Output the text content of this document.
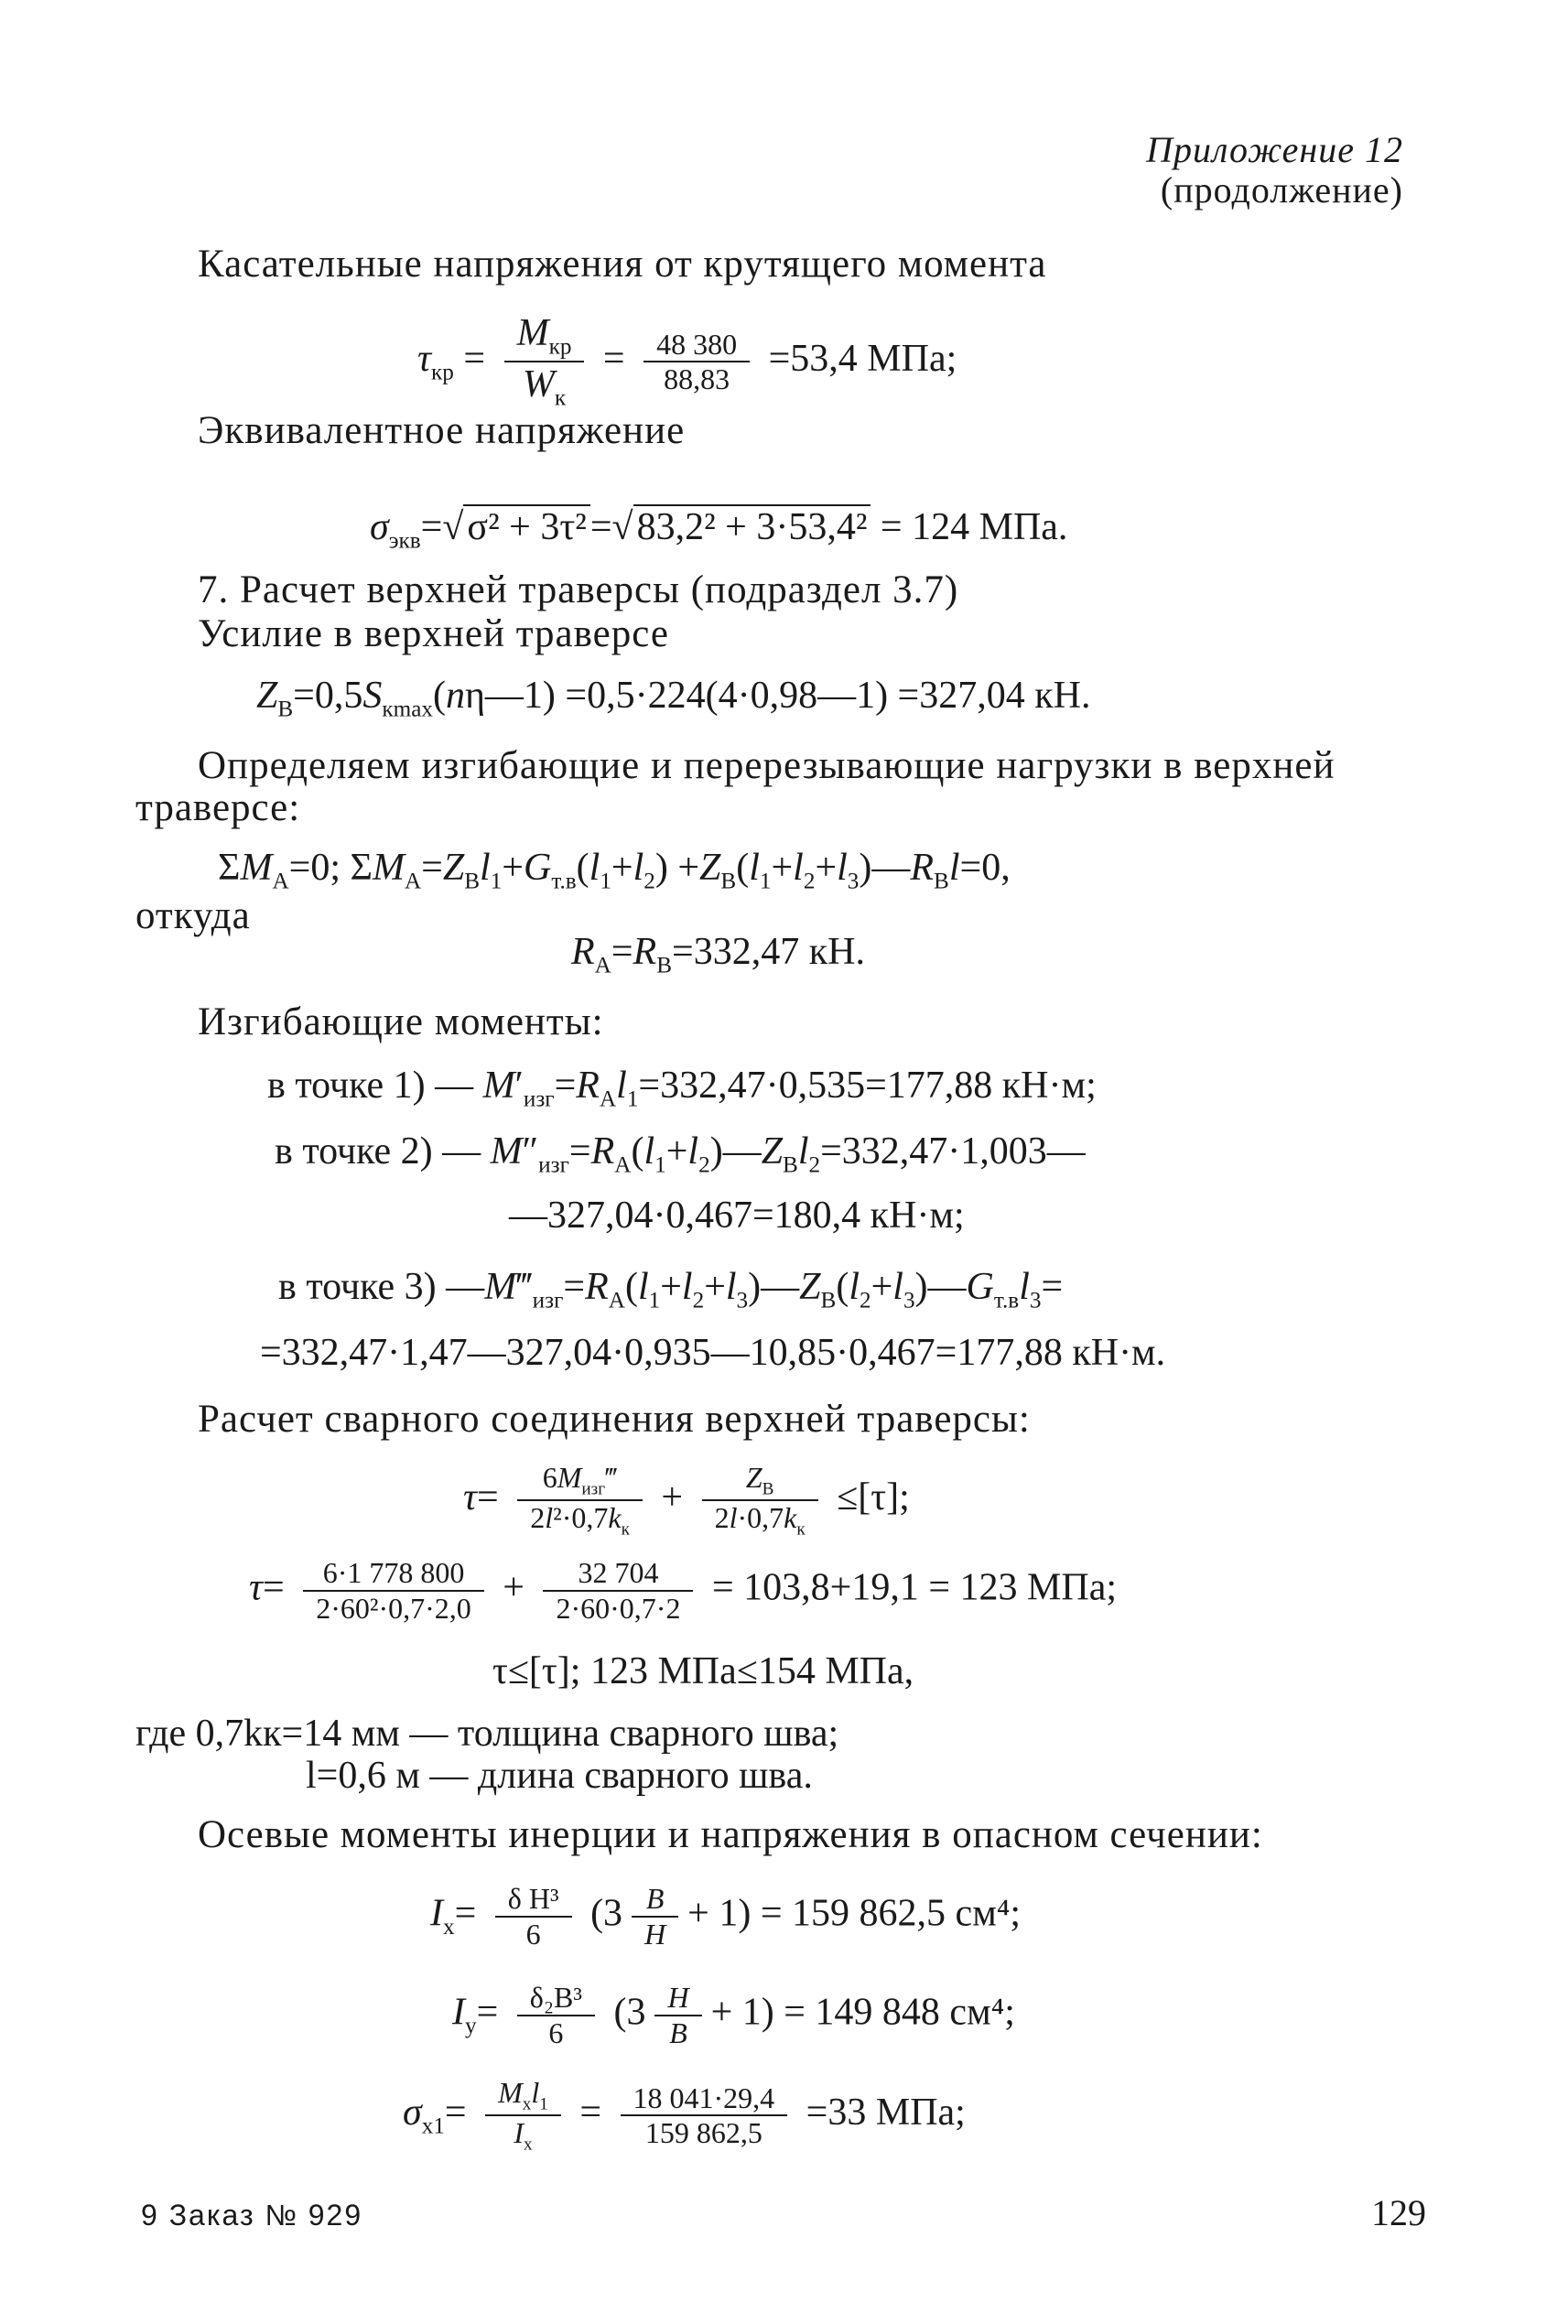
Приложение 12
(продолжение)
Касательные напряжения от крутящего момента
$\tau_{кр} = \frac{M_{кр}}{W_к} = \frac{48 380}{88,83} =53,4$ МПа;
Эквивалентное напряжение
$\sigma_{экв}=√\sigma^2 + 3\tau^2=√83,2^2 + 3\cdot 53,4^2 = 124$ МПа.
7. Расчет верхней траверсы (подраздел 3.7)
Усилие в верхней траверсе
$Z_В=0,5S_{кmax}(n\eta—1)$ =0,5·224(4·0,98—1) =327,04 кН.
Определяем изгибающие и перерезывающие нагрузки в верхней
траверсе:
$\Sigma M_А=0$; $\Sigma M_А=Z_Вl_1+G_{т.в}(l_1+l_2)$ $+Z_В(l_1+l_2+l_3)—R_Вl=0$,
откуда
$R_А=R_В=332,47$ кН.
Изгибающие моменты:
в точке 1) — $M'_{изг}=R_Аl_1=332,47\cdot 0,535=177,88$ кН·м;
в точке 2) — $M''_{изг}=R_А(l_1+l_2)—Z_Вl_2=332,47\cdot 1,003—$
—327,04·0,467=180,4 кН·м;
в точке 3) $—M‴_{изг}=R_А(l_1+l_2+l_3)—Z_В(l_2+l_3)—G_{т.в}l_3=$
=332,47·1,47—327,04·0,935—10,85·0,467=177,88 кН·м.
Расчет сварного соединения верхней траверсы:
$\tau= \frac{6M_{изг}‴}{2l^2\cdot 0,7k_к} + \frac{Z_В}{2l\cdot 0,7k_к} \le[\tau]$;
$\tau= \frac{6\cdot 1 778 800}{\text{2·60²·0,7·2,0}} + \frac{32 704}{2\cdot 60\cdot 0,7\cdot 2} = 103,8+19,1 = 123$ МПа;
τ≤[τ]; 123 МПа≤154 МПа,
где 0,7kк=14 мм — толщина сварного шва;
l=0,6 м — длина сварного шва.
Осевые моменты инерции и напряжения в опасном сечении:
$I_x= \frac{\text{δ H³}}{6} (3 \frac{B}{H} + 1) = 159$ 862,5 см⁴;
$I_y= \frac{\text{δ₂B³}}{6} (3 \frac{H}{B} + 1) = 149$ 848 см⁴;
$\sigma_{x1}= \frac{M_xl_1}{I_x} = \frac{18 041\cdot 29,4}{159 862,5} =33$ МПа;
9 Заказ № 929	129
